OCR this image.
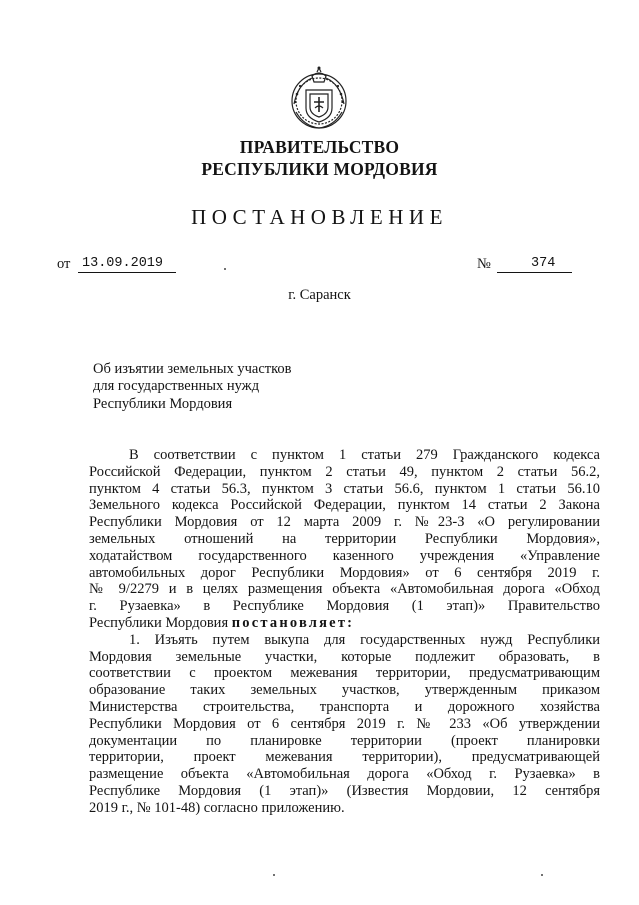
ПРАВИТЕЛЬСТВО
РЕСПУБЛИКИ МОРДОВИЯ
ПОСТАНОВЛЕНИЕ
от 13.09.2019	№	374
г. Саранск
Об изъятии земельных участков
для государственных нужд
Республики Мордовия
В соответствии с пунктом 1 статьи 279 Гражданского кодекса
Российской Федерации, пунктом 2 статьи 49, пунктом 2 статьи 56.2,
пунктом 4 статьи 56.3, пунктом 3 статьи 56.6, пунктом 1 статьи 56.10
Земельного кодекса Российской Федерации, пунктом 14 статьи 2 Закона
Республики Мордовия от 12 марта 2009 г. №23-З «О регулировании
земельных отношений на территории Республики Мордовия»,
ходатайством государственного казенного учреждения «Управление
автомобильных дорог Республики Мордовия» от 6 сентября 2019 г.
№ 9/2279 и в целях размещения объекта «Автомобильная дорога «Обход
г. Рузаевка» в Республике Мордовия (1 этап)» Правительство
Республики Мордовия постановляет:
1. Изъять путем выкупа для государственных нужд Республики
Мордовия земельные участки, которые подлежит образовать, в
соответствии с проектом межевания территории, предусматривающим
образование таких земельных участков, утвержденным приказом
Министерства строительства, транспорта и дорожного хозяйства
Республики Мордовия от 6 сентября 2019 г. № 233 «Об утверждении
документации по планировке территории (проект планировки
территории, проект межевания территории), предусматривающей
размещение объекта «Автомобильная дорога «Обход г. Рузаевка» в
Республике Мордовия (1 этап)» (Известия Мордовии, 12 сентября
2019 г., № 101-48) согласно приложению.
